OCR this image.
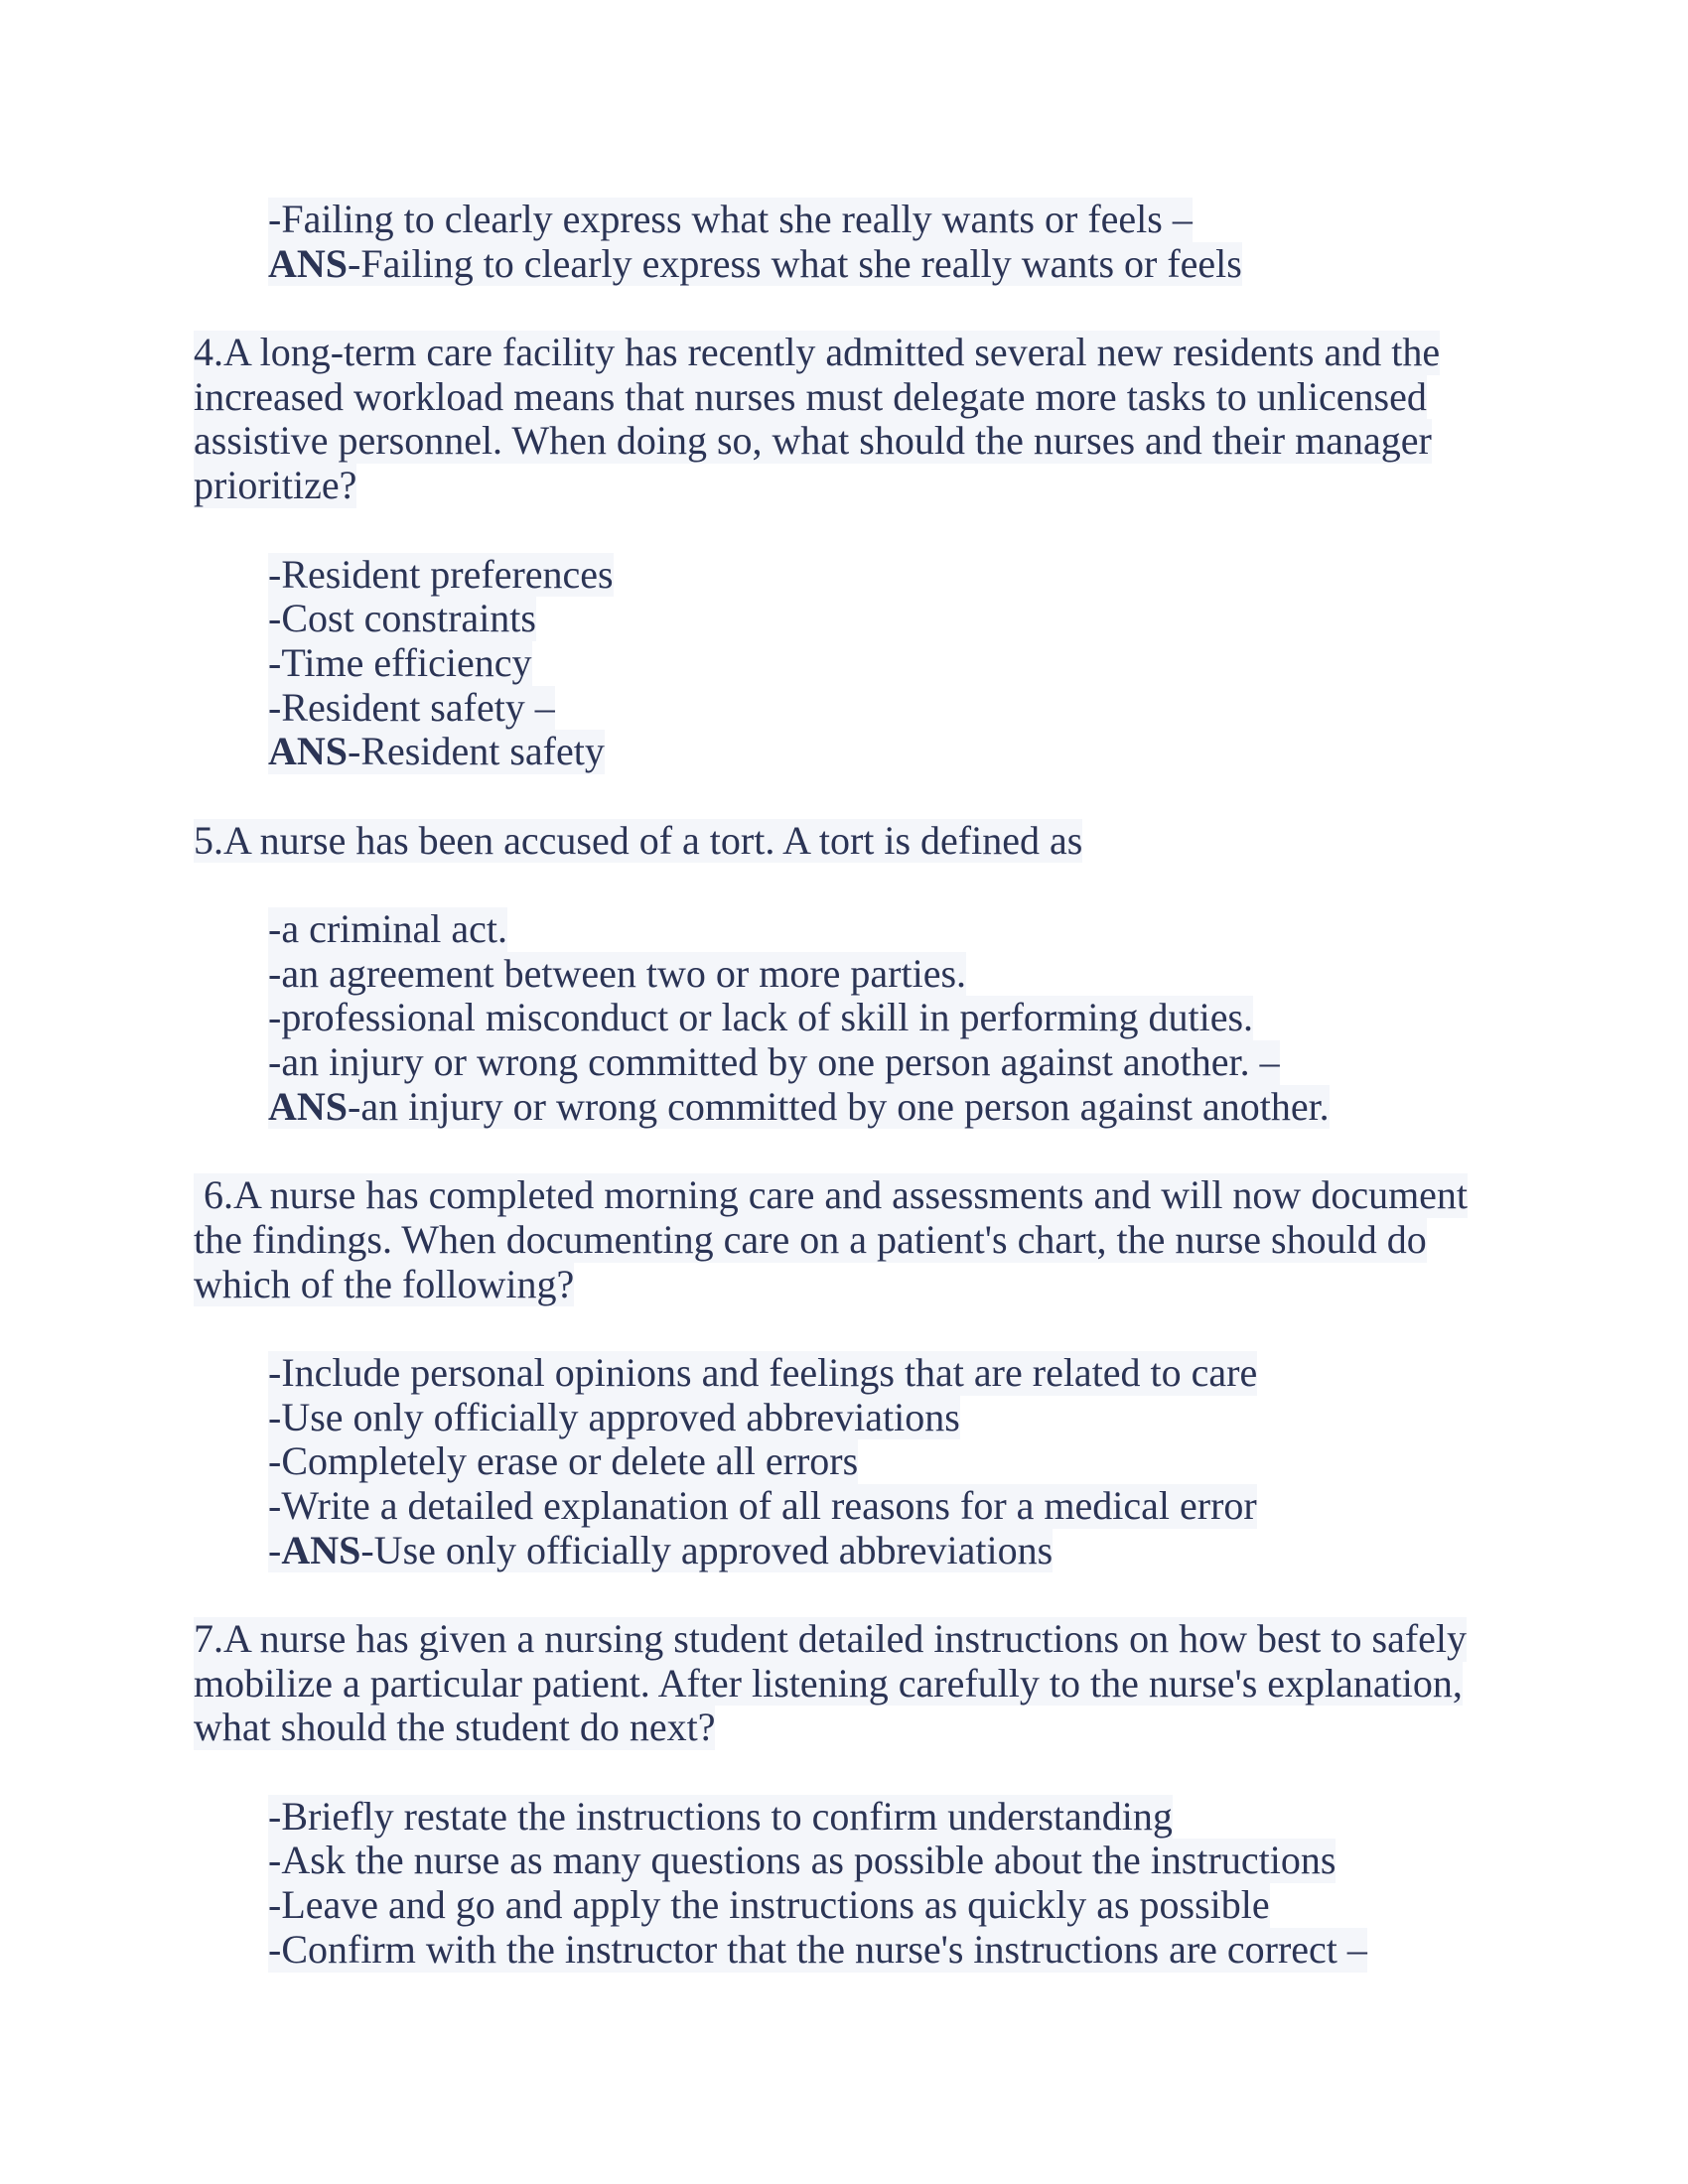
-Failing to clearly express what she really wants or feels –
ANS-Failing to clearly express what she really wants or feels
4.A long-term care facility has recently admitted several new residents and the
increased workload means that nurses must delegate more tasks to unlicensed
assistive personnel. When doing so, what should the nurses and their manager
prioritize?
-Resident preferences
-Cost constraints
-Time efficiency
-Resident safety –
ANS-Resident safety
5.A nurse has been accused of a tort. A tort is defined as
-a criminal act.
-an agreement between two or more parties.
-professional misconduct or lack of skill in performing duties.
-an injury or wrong committed by one person against another. –
ANS-an injury or wrong committed by one person against another.
6.A nurse has completed morning care and assessments and will now document
the findings. When documenting care on a patient's chart, the nurse should do
which of the following?
-Include personal opinions and feelings that are related to care
-Use only officially approved abbreviations
-Completely erase or delete all errors
-Write a detailed explanation of all reasons for a medical error
-ANS-Use only officially approved abbreviations
7.A nurse has given a nursing student detailed instructions on how best to safely
mobilize a particular patient. After listening carefully to the nurse's explanation,
what should the student do next?
-Briefly restate the instructions to confirm understanding
-Ask the nurse as many questions as possible about the instructions
-Leave and go and apply the instructions as quickly as possible
-Confirm with the instructor that the nurse's instructions are correct –
